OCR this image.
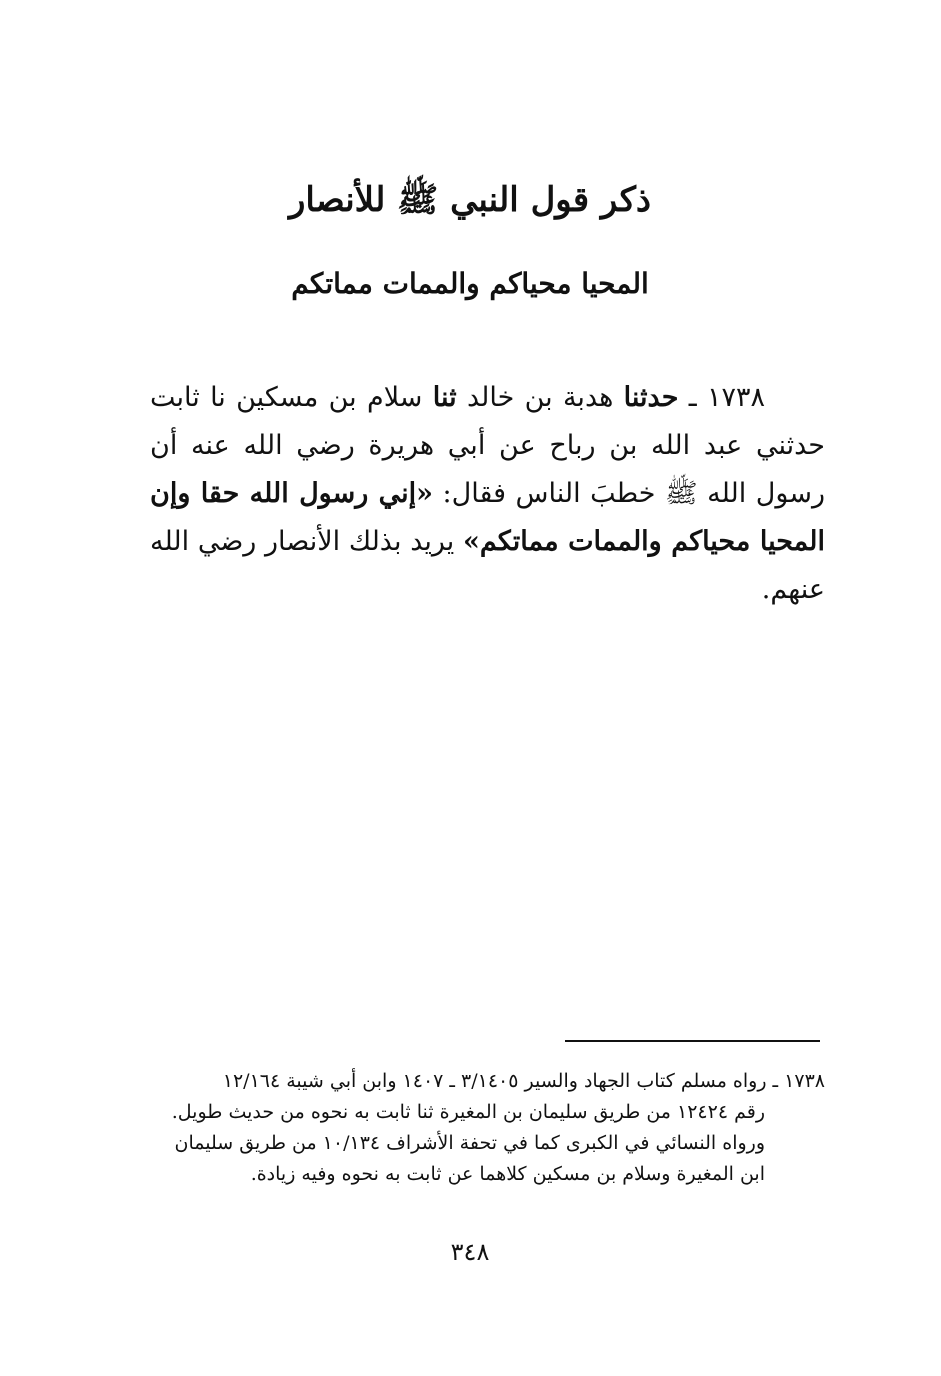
ذكر قول النبي ﷺ للأنصار
المحيا محياكم والممات مماتكم

١٧٣٨ ـ حدثنا هدبة بن خالد ثنا سلام بن مسكين نا ثابت حدثني عبد الله بن رباح عن أبي هريرة رضي الله عنه أن رسول الله ﷺ خطبَ الناس فقال: «إني رسول الله حقا وإن المحيا محياكم والممات مماتكم» يريد بذلك الأنصار رضي الله عنهم.

١٧٣٨ ـ رواه مسلم كتاب الجهاد والسير ٣/١٤٠٥ ـ ١٤٠٧ وابن أبي شيبة ١٢/١٦٤
رقم ١٢٤٢٤ من طريق سليمان بن المغيرة ثنا ثابت به نحوه من حديث طويل.
ورواه النسائي في الكبرى كما في تحفة الأشراف ١٠/١٣٤ من طريق سليمان
ابن المغيرة وسلام بن مسكين كلاهما عن ثابت به نحوه وفيه زيادة.
٣٤٨
